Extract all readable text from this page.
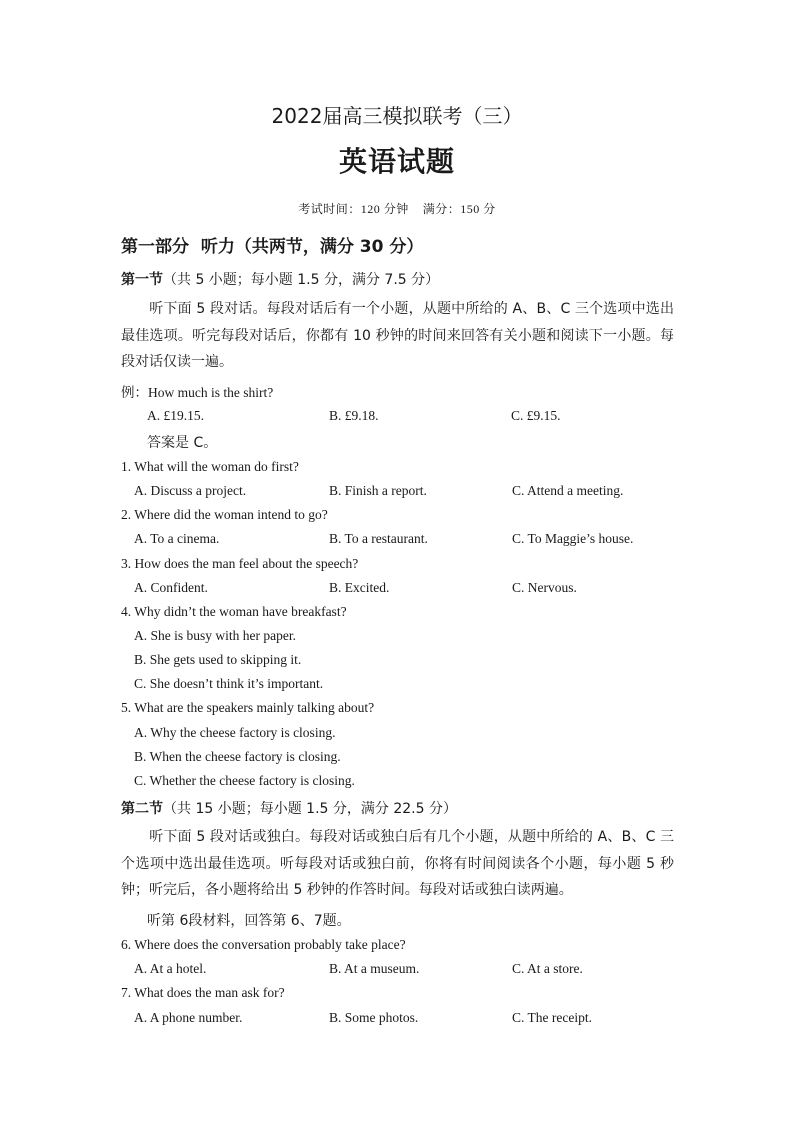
2022届高三模拟联考（三）
英语试题
考试时间：120 分钟    满分：150 分
第一部分  听力（共两节，满分 30 分）
第一节（共 5 小题；每小题 1.5 分，满分 7.5 分）
听下面 5 段对话。每段对话后有一个小题，从题中所给的 A、B、C 三个选项中选出最佳选项。听完每段对话后，你都有 10 秒钟的时间来回答有关小题和阅读下一小题。每段对话仅读一遍。
例：How much is the shirt?
A. £19.15.	B. £9.18.	C. £9.15.
答案是 C。
1. What will the woman do first?
A. Discuss a project.	B. Finish a report.	C. Attend a meeting.
2. Where did the woman intend to go?
A. To a cinema.	B. To a restaurant.	C. To Maggie’s house.
3. How does the man feel about the speech?
A. Confident.	B. Excited.	C. Nervous.
4. Why didn’t the woman have breakfast?
A. She is busy with her paper.
B. She gets used to skipping it.
C. She doesn’t think it’s important.
5. What are the speakers mainly talking about?
A. Why the cheese factory is closing.
B. When the cheese factory is closing.
C. Whether the cheese factory is closing.
第二节（共 15 小题；每小题 1.5 分，满分 22.5 分）
听下面 5 段对话或独白。每段对话或独白后有几个小题，从题中所给的 A、B、C 三个选项中选出最佳选项。听每段对话或独白前，你将有时间阅读各个小题，每小题 5 秒钟；听完后，各小题将给出 5 秒钟的作答时间。每段对话或独白读两遍。
听第 6段材料，回答第 6、7题。
6. Where does the conversation probably take place?
A. At a hotel.	B. At a museum.	C. At a store.
7. What does the man ask for?
A. A phone number.	B. Some photos.	C. The receipt.
